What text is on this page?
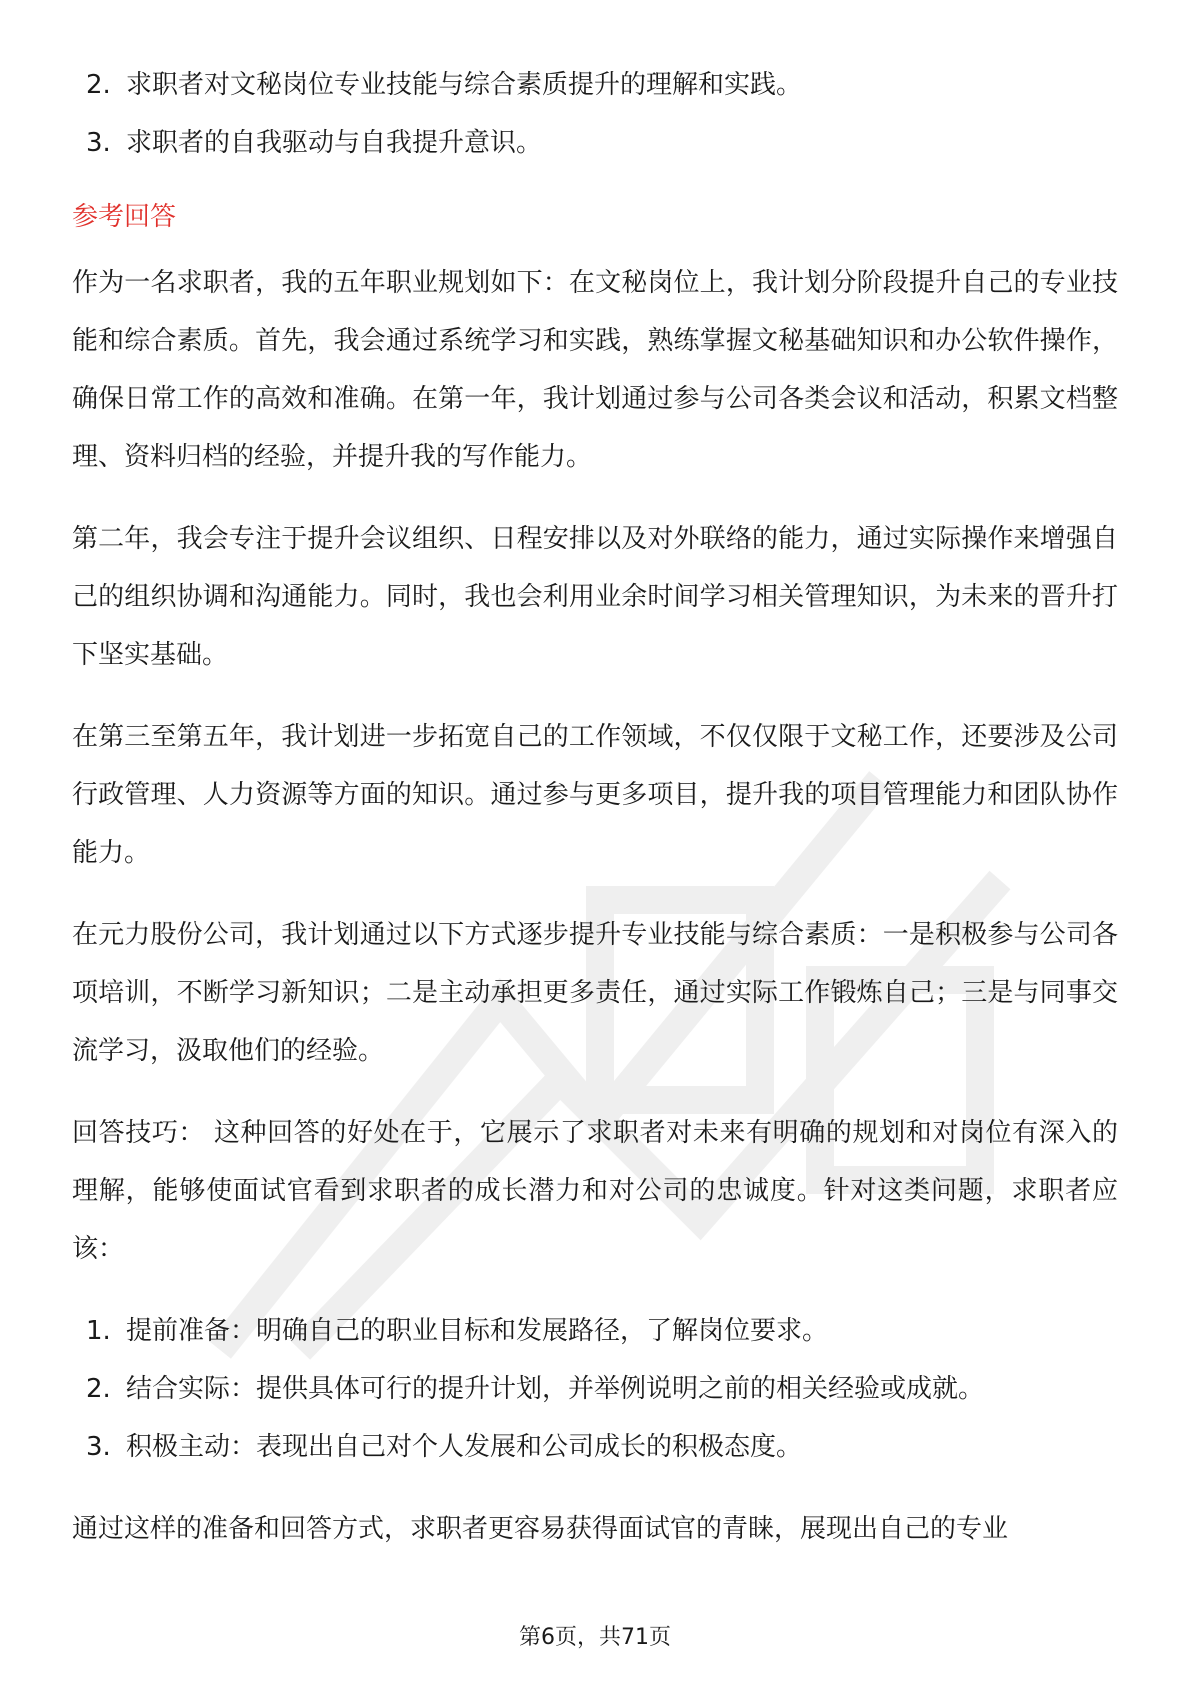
2. 求职者对文秘岗位专业技能与综合素质提升的理解和实践。
3. 求职者的自我驱动与自我提升意识。
参考回答

作为一名求职者，我的五年职业规划如下：在文秘岗位上，我计划分阶段提升自己的专业技能和综合素质。首先，我会通过系统学习和实践，熟练掌握文秘基础知识和办公软件操作，确保日常工作的高效和准确。在第一年，我计划通过参与公司各类会议和活动，积累文档整理、资料归档的经验，并提升我的写作能力。

第二年，我会专注于提升会议组织、日程安排以及对外联络的能力，通过实际操作来增强自己的组织协调和沟通能力。同时，我也会利用业余时间学习相关管理知识，为未来的晋升打下坚实基础。

在第三至第五年，我计划进一步拓宽自己的工作领域，不仅仅限于文秘工作，还要涉及公司行政管理、人力资源等方面的知识。通过参与更多项目，提升我的项目管理能力和团队协作能力。

在元力股份公司，我计划通过以下方式逐步提升专业技能与综合素质：一是积极参与公司各项培训，不断学习新知识；二是主动承担更多责任，通过实际工作锻炼自己；三是与同事交流学习，汲取他们的经验。

回答技巧： 这种回答的好处在于，它展示了求职者对未来有明确的规划和对岗位有深入的理解，能够使面试官看到求职者的成长潜力和对公司的忠诚度。针对这类问题，求职者应该：

1. 提前准备：明确自己的职业目标和发展路径，了解岗位要求。
2. 结合实际：提供具体可行的提升计划，并举例说明之前的相关经验或成就。
3. 积极主动：表现出自己对个人发展和公司成长的积极态度。

通过这样的准备和回答方式，求职者更容易获得面试官的青睐，展现出自己的专业

第6页，共71页
